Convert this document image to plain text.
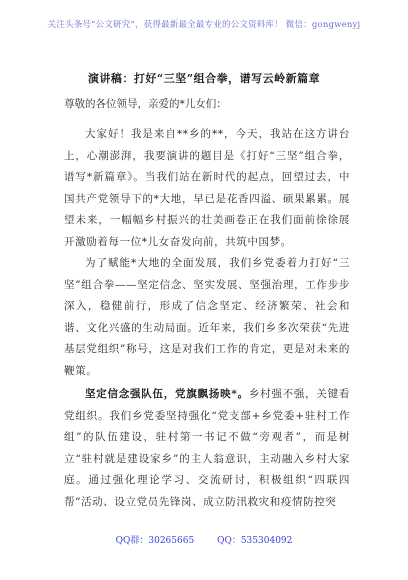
关注头条号“公文研究”，获得最新最全最专业的公文资料库！ 微信：gongwenyj
演讲稿：打好“三坚”组合拳，谱写云岭新篇章
尊敬的各位领导，亲爱的*儿女们：
大家好！我是来自**乡的**，今天，我站在这方讲台上，心潮澎湃，我要演讲的题目是《打好“三坚”组合拳，谱写*新篇章》。当我们站在新时代的起点，回望过去，中国共产党领导下的*大地，早已是花香四溢、硕果累累。展望未来，一幅幅乡村振兴的壮美画卷正在我们面前徐徐展开激励着每一位*儿女奋发向前，共筑中国梦。
为了赋能*大地的全面发展，我们乡党委着力打好“三坚”组合拳——坚定信念、坚实发展、坚强治理，工作步步深入，稳健前行，形成了信念坚定、经济繁荣、社会和谐、文化兴盛的生动局面。近年来，我们乡多次荣获“先进基层党组织”称号，这是对我们工作的肯定，更是对未来的鞭策。
坚定信念强队伍，党旗飘扬映*。乡村强不强，关键看党组织。我们乡党委坚持强化“党支部+乡党委+驻村工作组”的队伍建设，驻村第一书记不做“旁观者”，而是树立“驻村就是建设家乡”的主人翁意识，主动融入乡村大家庭。通过强化理论学习、交流研讨，积极组织“四联四帮”活动、设立党员先锋岗、成立防汛救灾和疫情防控突
QQ群：30265665	QQ：535304092
